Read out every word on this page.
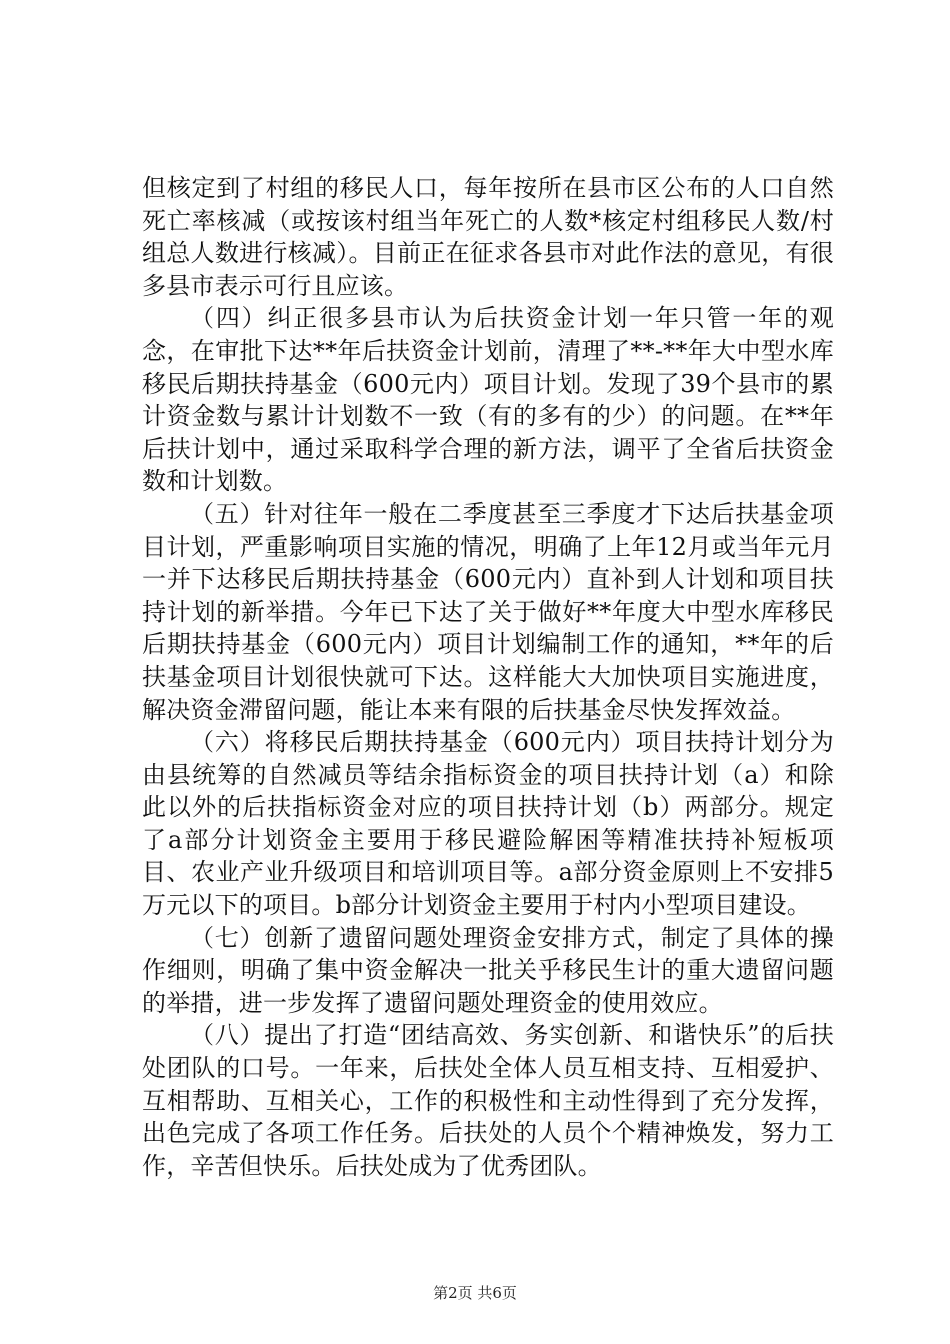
但核定到了村组的移民人口，每年按所在县市区公布的人口自然死亡率核减（或按该村组当年死亡的人数*核定村组移民人数/村组总人数进行核减）。目前正在征求各县市对此作法的意见，有很多县市表示可行且应该。

（四）纠正很多县市认为后扶资金计划一年只管一年的观念，在审批下达**年后扶资金计划前，清理了**-**年大中型水库移民后期扶持基金（600元内）项目计划。发现了39个县市的累计资金数与累计计划数不一致（有的多有的少）的问题。在**年后扶计划中，通过采取科学合理的新方法，调平了全省后扶资金数和计划数。

（五）针对往年一般在二季度甚至三季度才下达后扶基金项目计划，严重影响项目实施的情况，明确了上年12月或当年元月一并下达移民后期扶持基金（600元内）直补到人计划和项目扶持计划的新举措。今年已下达了关于做好**年度大中型水库移民后期扶持基金（600元内）项目计划编制工作的通知，**年的后扶基金项目计划很快就可下达。这样能大大加快项目实施进度，解决资金滞留问题，能让本来有限的后扶基金尽快发挥效益。

（六）将移民后期扶持基金（600元内）项目扶持计划分为由县统筹的自然减员等结余指标资金的项目扶持计划（a）和除此以外的后扶指标资金对应的项目扶持计划（b）两部分。规定了a部分计划资金主要用于移民避险解困等精准扶持补短板项目、农业产业升级项目和培训项目等。a部分资金原则上不安排5万元以下的项目。b部分计划资金主要用于村内小型项目建设。

（七）创新了遗留问题处理资金安排方式，制定了具体的操作细则，明确了集中资金解决一批关乎移民生计的重大遗留问题的举措，进一步发挥了遗留问题处理资金的使用效应。

（八）提出了打造“团结高效、务实创新、和谐快乐”的后扶处团队的口号。一年来，后扶处全体人员互相支持、互相爱护、互相帮助、互相关心，工作的积极性和主动性得到了充分发挥，出色完成了各项工作任务。后扶处的人员个个精神焕发，努力工作，辛苦但快乐。后扶处成为了优秀团队。

第2页 共6页
